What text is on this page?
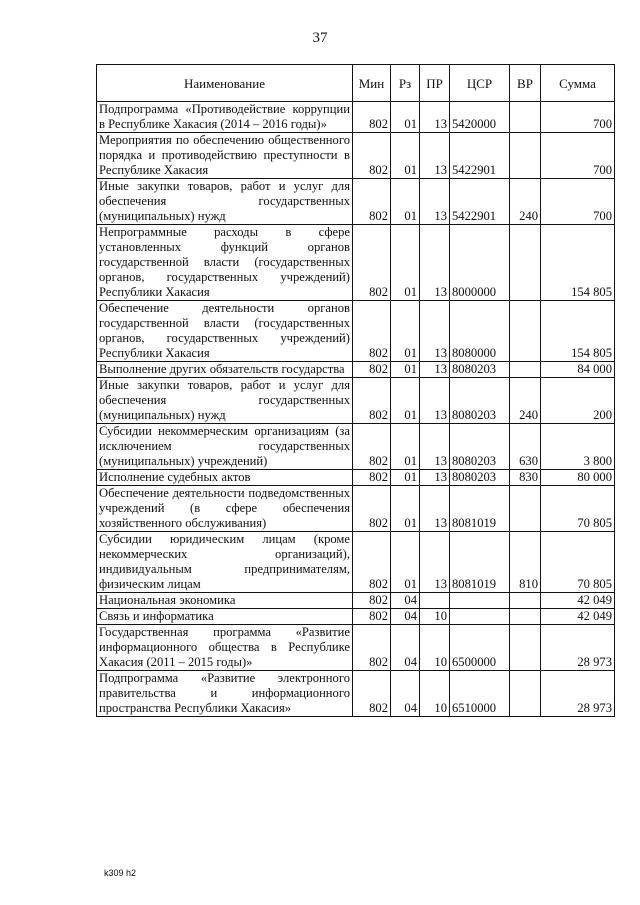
37
Наименование	Мин	Рз	ПР	ЦСР	ВР	Сумма
Подпрограмма «Противодействие коррупции в Республике Хакасия (2014 – 2016 годы)»	802	01	13	5420000		700
Мероприятия по обеспечению общественного порядка и противодействию преступности в Республике Хакасия	802	01	13	5422901		700
Иные закупки товаров, работ и услуг для обеспечения государственных (муниципальных) нужд	802	01	13	5422901	240	700
Непрограммные расходы в сфере установленных функций органов государственной власти (государственных органов, государственных учреждений) Республики Хакасия	802	01	13	8000000		154 805
Обеспечение деятельности органов государственной власти (государственных органов, государственных учреждений) Республики Хакасия	802	01	13	8080000		154 805
Выполнение других обязательств государства	802	01	13	8080203		84 000
Иные закупки товаров, работ и услуг для обеспечения государственных (муниципальных) нужд	802	01	13	8080203	240	200
Субсидии некоммерческим организациям (за исключением государственных (муниципальных) учреждений)	802	01	13	8080203	630	3 800
Исполнение судебных актов	802	01	13	8080203	830	80 000
Обеспечение деятельности подведомственных учреждений (в сфере обеспечения хозяйственного обслуживания)	802	01	13	8081019		70 805
Субсидии юридическим лицам (кроме некоммерческих организаций), индивидуальным предпринимателям, физическим лицам	802	01	13	8081019	810	70 805
Национальная экономика	802	04				42 049
Связь и информатика	802	04	10			42 049
Государственная программа «Развитие информационного общества в Республике Хакасия (2011 – 2015 годы)»	802	04	10	6500000		28 973
Подпрограмма «Развитие электронного правительства и информационного пространства Республики Хакасия»	802	04	10	6510000		28 973
k309 h2
